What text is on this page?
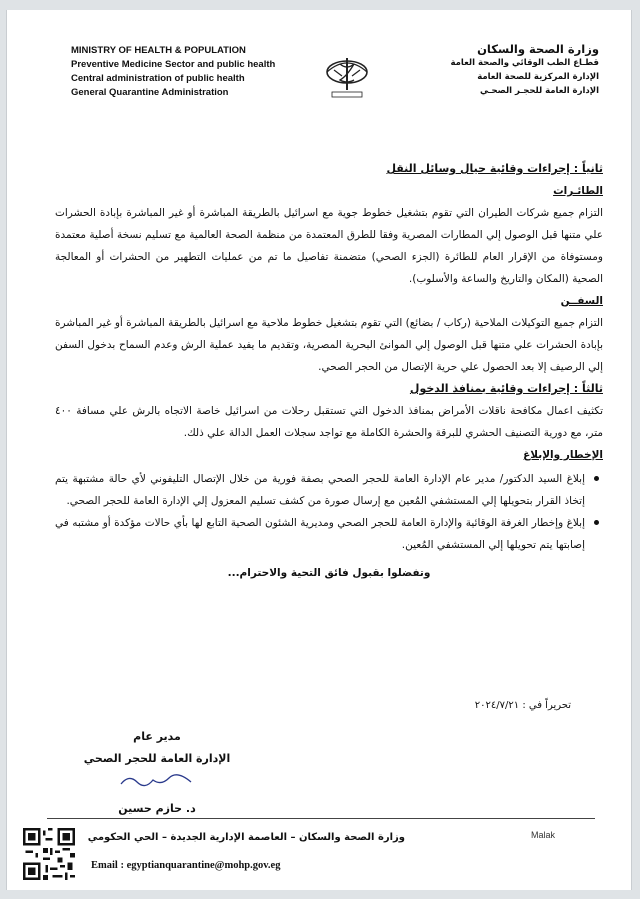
MINISTRY OF HEALTH & POPULATION
Preventive Medicine Sector and public health
Central administration of public health
General Quarantine Administration
وزارة الصحة والسكان
قطـاع الطب الوقائي والصحة العامة
الإدارة المركزية للصحة العامة
الإدارة العامة للحجـر الصحـي
ثانياً : إجراءات وقائية حيال وسائل النقل
الطائـرات

التزام جميع شركات الطيران التي تقوم بتشغيل خطوط جوية مع اسرائيل بالطريقة المباشرة أو غير المباشرة بإبادة الحشرات علي متنها قبل الوصول إلي المطارات المصرية وفقا للطرق المعتمدة من منظمة الصحة العالمية مع تسليم نسخة أصلية معتمدة ومستوفاة من الإقرار العام للطائرة (الجزء الصحي) متضمنة تفاصيل ما تم من عمليات التطهير من الحشرات أو المعالجة الصحية (المكان والتاريخ والساعة والأسلوب).

السفــن

التزام جميع التوكيلات الملاحية (ركاب / بضائع) التي تقوم بتشغيل خطوط ملاحية مع اسرائيل بالطريقة المباشرة أو غير المباشرة بإبادة الحشرات علي متنها قبل الوصول إلي الموانئ البحرية المصرية، وتقديم ما يفيد عملية الرش وعدم السماح بدخول السفن إلي الرصيف إلا بعد الحصول علي حرية الإتصال من الحجر الصحي.

ثالثاً : إجراءات وقائية بمنافذ الدخول

تكثيف اعمال مكافحة ناقلات الأمراض بمنافذ الدخول التي تستقبل رحلات من اسرائيل خاصة الاتجاه بالرش علي مسافة ٤٠٠ متر، مع دورية التصنيف الحشري للبرقة والحشرة الكاملة مع تواجد سجلات العمل الدالة علي ذلك.

الإخطار والإبلاغ
إبلاغ السيد الدكتور/ مدير عام الإدارة العامة للحجر الصحي بصفة فورية من خلال الإتصال التليفوني لأي حالة مشتبهة يتم إتخاذ القرار بتحويلها إلي المستشفي المُعين مع إرسال صورة من كشف تسليم المعزول إلي الإدارة العامة للحجر الصحي.
إبلاغ وإخطار الغرفة الوقائية والإدارة العامة للحجر الصحي ومديرية الشئون الصحية التابع لها بأي حالات مؤكدة أو مشتبه في إصابتها يتم تحويلها إلي المستشفي المُعين.
وتفضلوا بقبول فائق التحية والاحترام...
تحريراً في : ٢٠٢٤/٧/٢١
مدير عام
الإدارة العامة للحجر الصحي
د. حازم حسين
وزارة الصحة والسكان – العاصمة الإدارية الجديدة – الحي الحكومي
Email : egyptianquarantine@mohp.gov.eg
Malak
